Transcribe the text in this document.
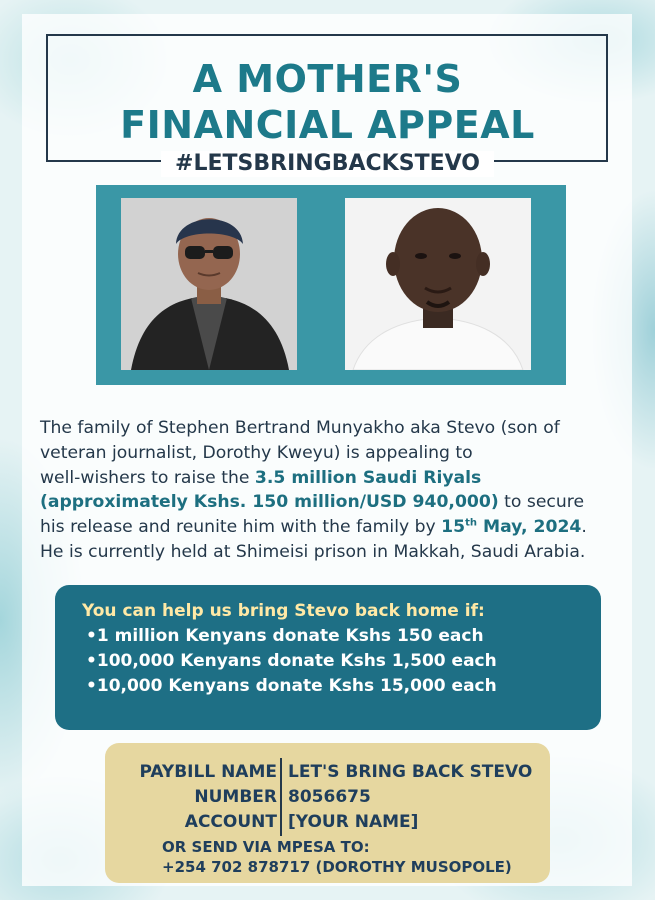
A MOTHER'S
FINANCIAL APPEAL
#LETSBRINGBACKSTEVO
The family of Stephen Bertrand Munyakho aka Stevo (son of
veteran journalist, Dorothy Kweyu) is appealing to
well-wishers to raise the 3.5 million Saudi Riyals
(approximately Kshs. 150 million/USD 940,000) to secure
his release and reunite him with the family by 15th May, 2024.
He is currently held at Shimeisi prison in Makkah, Saudi Arabia.
You can help us bring Stevo back home if:
•1 million Kenyans donate Kshs 150 each
•100,000 Kenyans donate Kshs 1,500 each
•10,000 Kenyans donate Kshs 15,000 each
PAYBILL NAME LET'S BRING BACK STEVO
NUMBER 8056675
ACCOUNT [YOUR NAME]
OR SEND VIA MPESA TO:
+254 702 878717 (DOROTHY MUSOPOLE)
